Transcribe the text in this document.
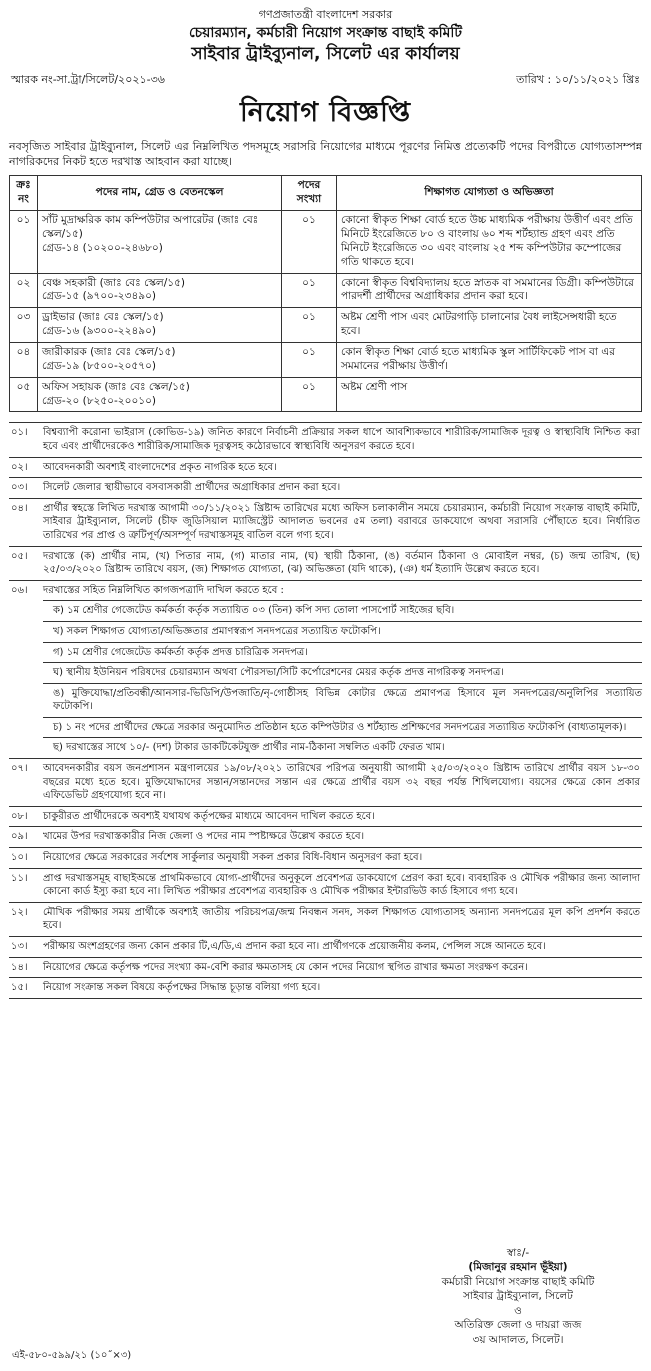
গণপ্রজাতন্ত্রী বাংলাদেশ সরকার
চেয়ারম্যান, কর্মচারী নিয়োগ সংক্রান্ত বাছাই কমিটি
সাইবার ট্রাইব্যুনাল, সিলেট এর কার্যালয়
স্মারক নং-সা.ট্রা/সিলেট/২০২১-৩৬	তারিখ : ১০/১১/২০২১ খ্রিঃ
নিয়োগ বিজ্ঞপ্তি
নবসৃজিত সাইবার ট্রাইব্যুনাল, সিলেট এর নিম্নলিখিত পদসমূহে সরাসরি নিয়োগের মাধ্যমে পূরণের নিমিত্ত প্রত্যেকটি পদের বিপরীতে যোগ্যতাসম্পন্ন নাগরিকদের নিকট হতে দরখাস্ত আহবান করা যাচ্ছে।
ক্রঃ নং	পদের নাম, গ্রেড ও বেতনস্কেল	পদের সংখ্যা	শিক্ষাগত যোগ্যতা ও অভিজ্ঞতা
০১	সাঁট মুদ্রাক্ষরিক কাম কম্পিউটার অপারেটর (জাঃ বেঃ স্কেল/১৫)
গ্রেড-১৪ (১০২০০-২৪৬৮০)	০১	কোনো স্বীকৃত শিক্ষা বোর্ড হতে উচ্চ মাধ্যমিক পরীক্ষায় উত্তীর্ণ এবং প্রতি মিনিটে ইংরেজিতে ৮০ ও বাংলায় ৬০ শব্দ শর্টহ্যান্ড গ্রহণ এবং প্রতি মিনিটে ইংরেজিতে ৩০ এবং বাংলায় ২৫ শব্দ কম্পিউটার কম্পোজের গতি থাকতে হবে।
০২	বেঞ্চ সহকারী (জাঃ বেঃ স্কেল/১৫)
গ্রেড-১৫ (৯৭০০-২৩৪৯০)	০১	কোনো স্বীকৃত বিশ্ববিদ্যালয় হতে স্নাতক বা সমমানের ডিগ্রী। কম্পিউটারে পারদর্শী প্রার্থীদের অগ্রাধিকার প্রদান করা হবে।
০৩	ড্রাইভার (জাঃ বেঃ স্কেল/১৫)
গ্রেড-১৬ (৯৩০০-২২৪৯০)	০১	অষ্টম শ্রেণী পাস এবং মোটরগাড়ি চালানোর বৈধ লাইসেন্সধারী হতে হবে।
০৪	জারীকারক (জাঃ বেঃ স্কেল/১৫)
গ্রেড-১৯ (৮৫০০-২০৫৭০)	০১	কোন স্বীকৃত শিক্ষা বোর্ড হতে মাধ্যমিক স্কুল সার্টিফিকেট পাস বা এর সমমানের পরীক্ষায় উত্তীর্ণ।
০৫	অফিস সহায়ক (জাঃ বেঃ স্কেল/১৫)
গ্রেড-২০ (৮২৫০-২০০১০)	০১	অষ্টম শ্রেণী পাস
০১।	বিশ্বব্যাপী করোনা ভাইরাস (কোভিড-১৯) জনিত কারণে নির্বাচনী প্রক্রিয়ার সকল ধাপে আবশ্যিকভাবে শারীরিক/সামাজিক দূরত্ব ও স্বাস্থ্যবিধি নিশ্চিত করা হবে এবং প্রার্থীদেরকেও শারীরিক/সামাজিক দূরত্বসহ কঠোরভাবে স্বাস্থ্যবিধি অনুসরণ করতে হবে।
০২।	আবেদনকারী অবশ্যই বাংলাদেশের প্রকৃত নাগরিক হতে হবে।
০৩।	সিলেট জেলার স্থায়ীভাবে বসবাসকারী প্রার্থীদের অগ্রাধিকার প্রদান করা হবে।
০৪।	প্রার্থীর স্বহস্তে লিখিত দরখাস্ত আগামী ৩০/১১/২০২১ খ্রিষ্টাব্দ তারিখের মধ্যে অফিস চলাকালীন সময়ে চেয়ারম্যান, কর্মচারী নিয়োগ সংক্রান্ত বাছাই কমিটি, সাইবার ট্রাইব্যুনাল, সিলেট (চীফ জুডিসিয়াল ম্যাজিস্ট্রেট আদালত ভবনের ৫ম তলা) বরাবরে ডাকযোগে অথবা সরাসরি পৌঁছাতে হবে। নির্ধারিত তারিখের পর প্রাপ্ত ও ত্রুটিপূর্ণ/অসম্পূর্ণ দরখাস্তসমূহ বাতিল বলে গণ্য হবে।
০৫।	দরখাস্তে (ক) প্রার্থীর নাম, (খ) পিতার নাম, (গ) মাতার নাম, (ঘ) স্থায়ী ঠিকানা, (ঙ) বর্তমান ঠিকানা ও মোবাইল নম্বর, (চ) জন্ম তারিখ, (ছ) ২৫/০৩/২০২০ খ্রিষ্টাব্দ তারিখে বয়স, (জ) শিক্ষাগত যোগ্যতা, (ঝ) অভিজ্ঞতা (যদি থাকে), (ঞ) ধর্ম ইত্যাদি উল্লেখ করতে হবে।
০৬।	দরখাস্তের সহিত নিম্নলিখিত কাগজপত্রাদি দাখিল করতে হবে :
ক) ১ম শ্রেণীর গেজেটেড কর্মকর্তা কর্তৃক সত্যায়িত ০৩ (তিন) কপি সদ্য তোলা পাসপোর্ট সাইজের ছবি।
খ) সকল শিক্ষাগত যোগ্যতা/অভিজ্ঞতার প্রমাণস্বরূপ সনদপত্রের সত্যায়িত ফটোকপি।
গ) ১ম শ্রেণীর গেজেটেড কর্মকর্তা কর্তৃক প্রদত্ত চারিত্রিক সনদপত্র।
ঘ) স্থানীয় ইউনিয়ন পরিষদের চেয়ারম্যান অথবা পৌরসভা/সিটি কর্পোরেশনের মেয়র কর্তৃক প্রদত্ত নাগরিকত্ব সনদপত্র।
ঙ) মুক্তিযোদ্ধা/প্রতিবন্ধী/আনসার-ভিডিপি/উপজাতি/নৃ-গোষ্ঠীসহ বিভিন্ন কোটার ক্ষেত্রে প্রমাণপত্র হিসাবে মূল সনদপত্রের/অনুলিপির সত্যায়িত ফটোকপি।
চ) ১ নং পদের প্রার্থীদের ক্ষেত্রে সরকার অনুমোদিত প্রতিষ্ঠান হতে কম্পিউটার ও শর্টহ্যান্ড প্রশিক্ষণের সনদপত্রের সত্যায়িত ফটোকপি (বাধ্যতামূলক)।
ছ) দরখাস্তের সাথে ১০/- (দশ) টাকার ডাকটিকেটযুক্ত প্রার্থীর নাম-ঠিকানা সম্বলিত একটি ফেরত খাম।
০৭।	আবেদনকারীর বয়স জনপ্রশাসন মন্ত্রণালয়ের ১৯/০৮/২০২১ তারিখের পরিপত্র অনুযায়ী আগামী ২৫/০৩/২০২০ খ্রিষ্টাব্দ তারিখে প্রার্থীর বয়স ১৮-৩০ বছরের মধ্যে হতে হবে। মুক্তিযোদ্ধাদের সন্তান/সন্তানদের সন্তান এর ক্ষেত্রে প্রার্থীর বয়স ৩২ বছর পর্যন্ত শিথিলযোগ্য। বয়সের ক্ষেত্রে কোন প্রকার এফিডেভিট গ্রহণযোগ্য হবে না।
০৮।	চাকুরীরত প্রার্থীদেরকে অবশ্যই যথাযথ কর্তৃপক্ষের মাধ্যমে আবেদন দাখিল করতে হবে।
০৯।	খামের উপর দরখাস্তকারীর নিজ জেলা ও পদের নাম স্পষ্টাক্ষরে উল্লেখ করতে হবে।
১০।	নিয়োগের ক্ষেত্রে সরকারের সর্বশেষ সার্কুলার অনুযায়ী সকল প্রকার বিধি-বিধান অনুসরণ করা হবে।
১১।	প্রাপ্ত দরখাস্তসমূহ বাছাইঅন্তে প্রাথমিকভাবে যোগ্য-প্রার্থীদের অনুকূলে প্রবেশপত্র ডাকযোগে প্রেরণ করা হবে। ব্যবহারিক ও মৌখিক পরীক্ষার জন্য আলাদা কোনো কার্ড ইস্যু করা হবে না। লিখিত পরীক্ষার প্রবেশপত্র ব্যবহারিক ও মৌখিক পরীক্ষার ইন্টারভিউ কার্ড হিসাবে গণ্য হবে।
১২।	মৌখিক পরীক্ষার সময় প্রার্থীকে অবশ্যই জাতীয় পরিচয়পত্র/জন্ম নিবন্ধন সনদ, সকল শিক্ষাগত যোগ্যতাসহ অন্যান্য সনদপত্রের মূল কপি প্রদর্শন করতে হবে।
১৩।	পরীক্ষায় অংশগ্রহণের জন্য কোন প্রকার টি,এ/ডি,এ প্রদান করা হবে না। প্রার্থীগণকে প্রয়োজনীয় কলম, পেন্সিল সঙ্গে আনতে হবে।
১৪।	নিয়োগের ক্ষেত্রে কর্তৃপক্ষ পদের সংখ্যা কম-বেশি করার ক্ষমতাসহ যে কোন পদের নিয়োগ স্থগিত রাখার ক্ষমতা সংরক্ষণ করেন।
১৫।	নিয়োগ সংক্রান্ত সকল বিষয়ে কর্তৃপক্ষের সিদ্ধান্ত চূড়ান্ত বলিয়া গণ্য হবে।
স্বাঃ/-
(মিজানুর রহমান ভূঁইয়া)
কর্মচারী নিয়োগ সংক্রান্ত বাছাই কমিটি
সাইবার ট্রাইব্যুনাল, সিলেট
ও
অতিরিক্ত জেলা ও দায়রা জজ
৩য় আদালত, সিলেট।
এই-৫৮০-৫৯৯/২১ (১০˝×৩)
